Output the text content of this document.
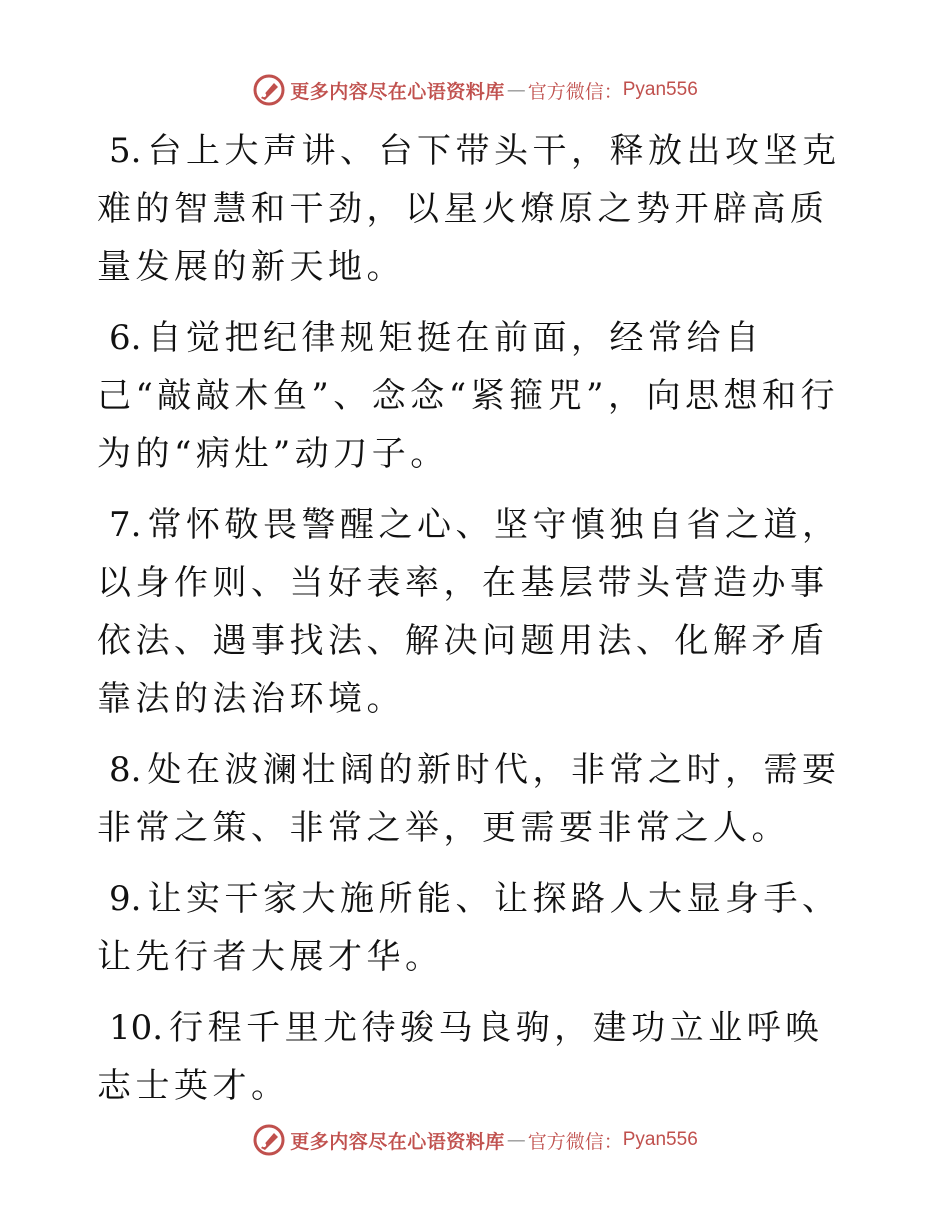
更多内容尽在心语资料库 — 官方微信： Pyan556

5. 台上大声讲、台下带头干，释放出攻坚克难的智慧和干劲，以星火燎原之势开辟高质量发展的新天地。

6. 自觉把纪律规矩挺在前面，经常给自己“敲敲木鱼”、念念“紧箍咒”，向思想和行为的“病灶”动刀子。

7. 常怀敬畏警醒之心、坚守慎独自省之道，以身作则、当好表率，在基层带头营造办事依法、遇事找法、解决问题用法、化解矛盾靠法的法治环境。

8. 处在波澜壮阔的新时代，非常之时，需要非常之策、非常之举，更需要非常之人。

9. 让实干家大施所能、让探路人大显身手、让先行者大展才华。

10. 行程千里尤待骏马良驹，建功立业呼唤志士英才。

更多内容尽在心语资料库 — 官方微信： Pyan556
